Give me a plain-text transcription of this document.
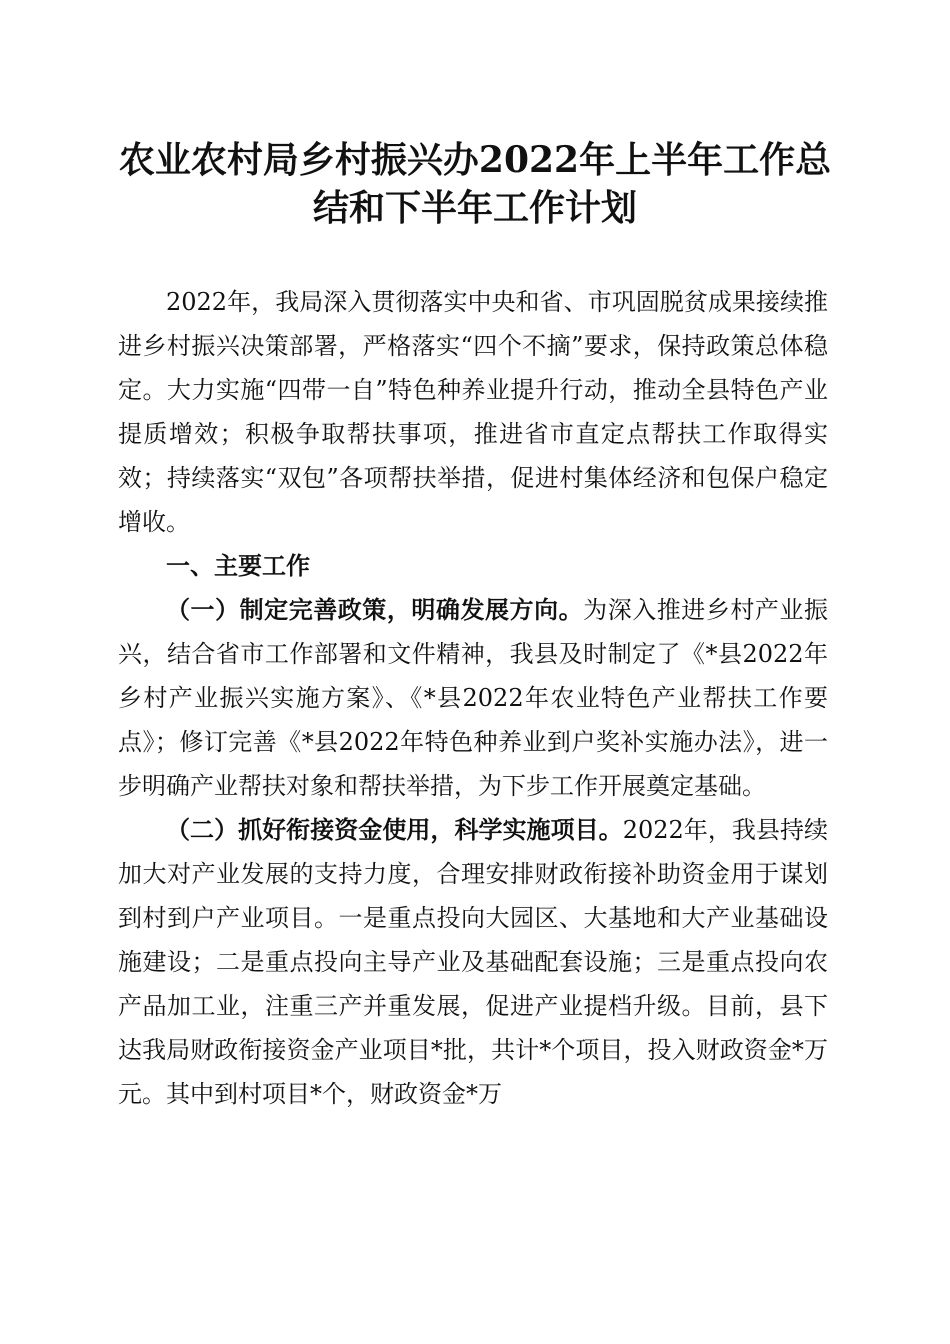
农业农村局乡村振兴办2022年上半年工作总
结和下半年工作计划

2022年，我局深入贯彻落实中央和省、市巩固脱贫成果接续推进乡村振兴决策部署，严格落实“四个不摘”要求，保持政策总体稳定。大力实施“四带一自”特色种养业提升行动，推动全县特色产业提质增效；积极争取帮扶事项，推进省市直定点帮扶工作取得实效；持续落实“双包”各项帮扶举措，促进村集体经济和包保户稳定增收。

一、主要工作

（一）制定完善政策，明确发展方向。为深入推进乡村产业振兴，结合省市工作部署和文件精神，我县及时制定了《*县2022年乡村产业振兴实施方案》、《*县2022年农业特色产业帮扶工作要点》；修订完善《*县2022年特色种养业到户奖补实施办法》，进一步明确产业帮扶对象和帮扶举措，为下步工作开展奠定基础。

（二）抓好衔接资金使用，科学实施项目。2022年，我县持续加大对产业发展的支持力度，合理安排财政衔接补助资金用于谋划到村到户产业项目。一是重点投向大园区、大基地和大产业基础设施建设；二是重点投向主导产业及基础配套设施；三是重点投向农产品加工业，注重三产并重发展，促进产业提档升级。目前，县下达我局财政衔接资金产业项目*批，共计*个项目，投入财政资金*万元。其中到村项目*个，财政资金*万
